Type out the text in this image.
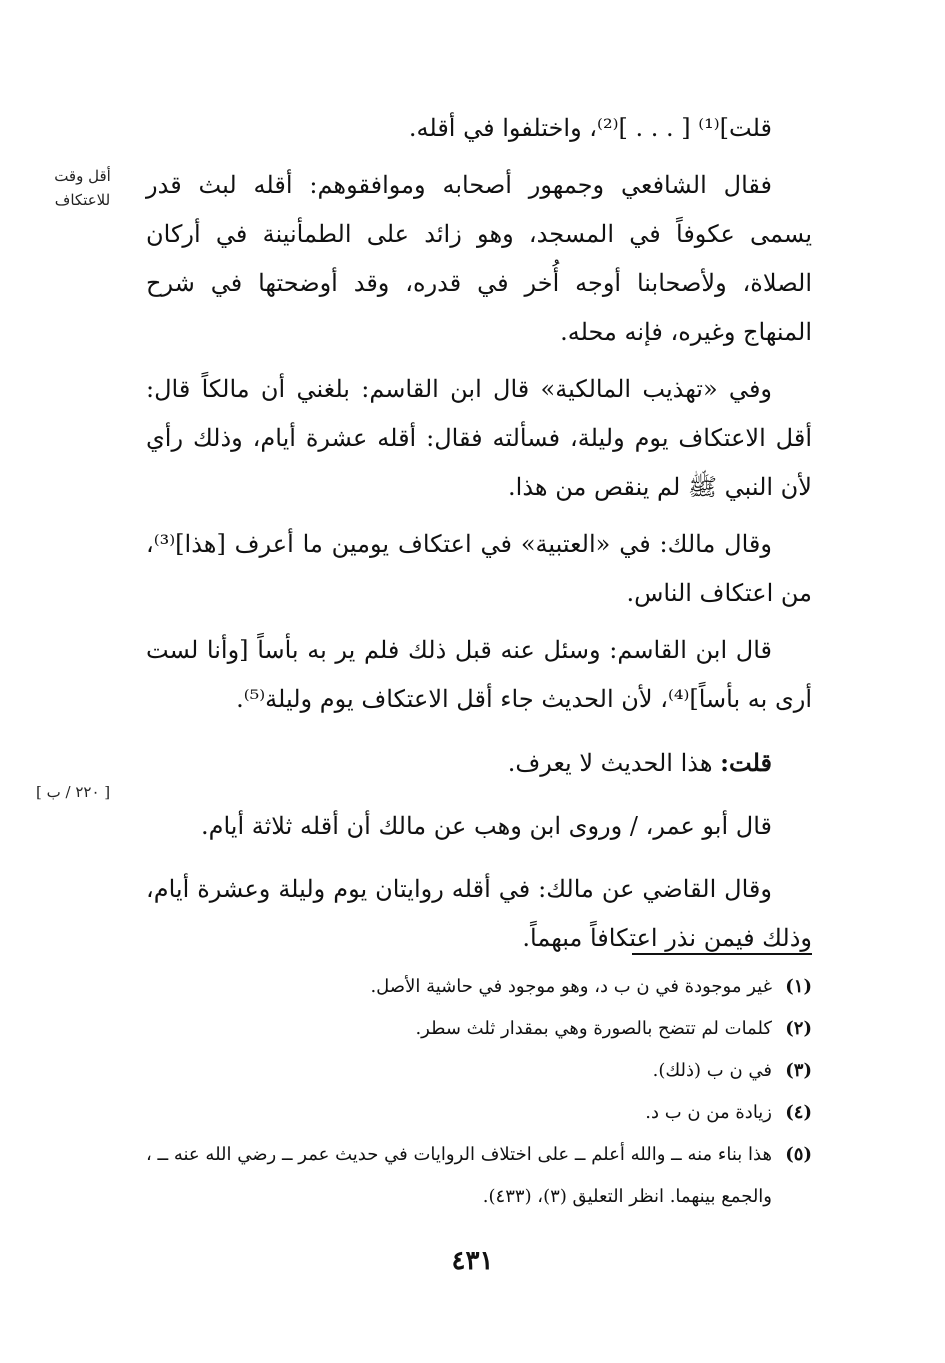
قلت]⁽¹⁾ [ . . . ]⁽²⁾، واختلفوا في أقله.

فقال الشافعي وجمهور أصحابه وموافقوهم: أقله لبث قدر يسمى عكوفاً في المسجد، وهو زائد على الطمأنينة في أركان الصلاة، ولأصحابنا أوجه أُخر في قدره، وقد أوضحتها في شرح المنهاج وغيره، فإنه محله.

وفي «تهذيب المالكية» قال ابن القاسم: بلغني أن مالكاً قال: أقل الاعتكاف يوم وليلة، فسألته فقال: أقله عشرة أيام، وذلك رأي لأن النبي ﷺ لم ينقص من هذا.

وقال مالك: في «العتبية» في اعتكاف يومين ما أعرف [هذا]⁽³⁾، من اعتكاف الناس.

قال ابن القاسم: وسئل عنه قبل ذلك فلم ير به بأساً [وأنا لست أرى به بأساً]⁽⁴⁾، لأن الحديث جاء أقل الاعتكاف يوم وليلة⁽⁵⁾.

قلت: هذا الحديث لا يعرف.

قال أبو عمر، / وروى ابن وهب عن مالك أن أقله ثلاثة أيام.

وقال القاضي عن مالك: في أقله روايتان يوم وليلة وعشرة أيام، وذلك فيمن نذر اعتكافاً مبهماً.

أقل وقت
للاعتكاف
[ ٢٢٠ / ب ]
(١)
غير موجودة في ن ب د، وهو موجود في حاشية الأصل.
(٢)
كلمات لم تتضح بالصورة وهي بمقدار ثلث سطر.
(٣)
في ن ب (ذلك).
(٤)
زيادة من ن ب د.
(٥)
هذا بناء منه ــ والله أعلم ــ على اختلاف الروايات في حديث عمر ــ رضي الله عنه ــ ، والجمع بينهما. انظر التعليق (٣)، (٤٣٣).
٤٣١
